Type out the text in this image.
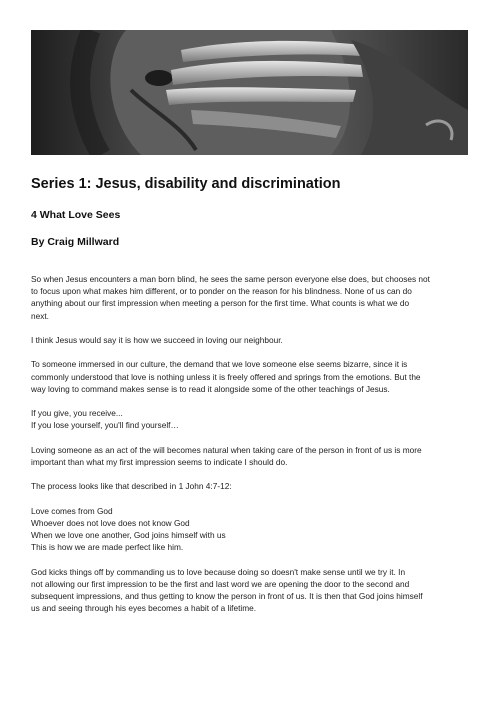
Series 1: Jesus, disability and discrimination
4 What Love Sees
By Craig Millward
So when Jesus encounters a man born blind, he sees the same person everyone else does, but chooses not
to focus upon what makes him different, or to ponder on the reason for his blindness. None of us can do
anything about our first impression when meeting a person for the first time. What counts is what we do
next.
I think Jesus would say it is how we succeed in loving our neighbour.
To someone immersed in our culture, the demand that we love someone else seems bizarre, since it is
commonly understood that love is nothing unless it is freely offered and springs from the emotions. But the
way loving to command makes sense is to read it alongside some of the other teachings of Jesus.
If you give, you receive...
If you lose yourself, you'll find yourself…
Loving someone as an act of the will becomes natural when taking care of the person in front of us is more
important than what my first impression seems to indicate I should do.
The process looks like that described in 1 John 4:7-12:
Love comes from God
Whoever does not love does not know God
When we love one another, God joins himself with us
This is how we are made perfect like him.
God kicks things off by commanding us to love because doing so doesn't make sense until we try it. In
not allowing our first impression to be the first and last word we are opening the door to the second and
subsequent impressions, and thus getting to know the person in front of us. It is then that God joins himself
us and seeing through his eyes becomes a habit of a lifetime.
